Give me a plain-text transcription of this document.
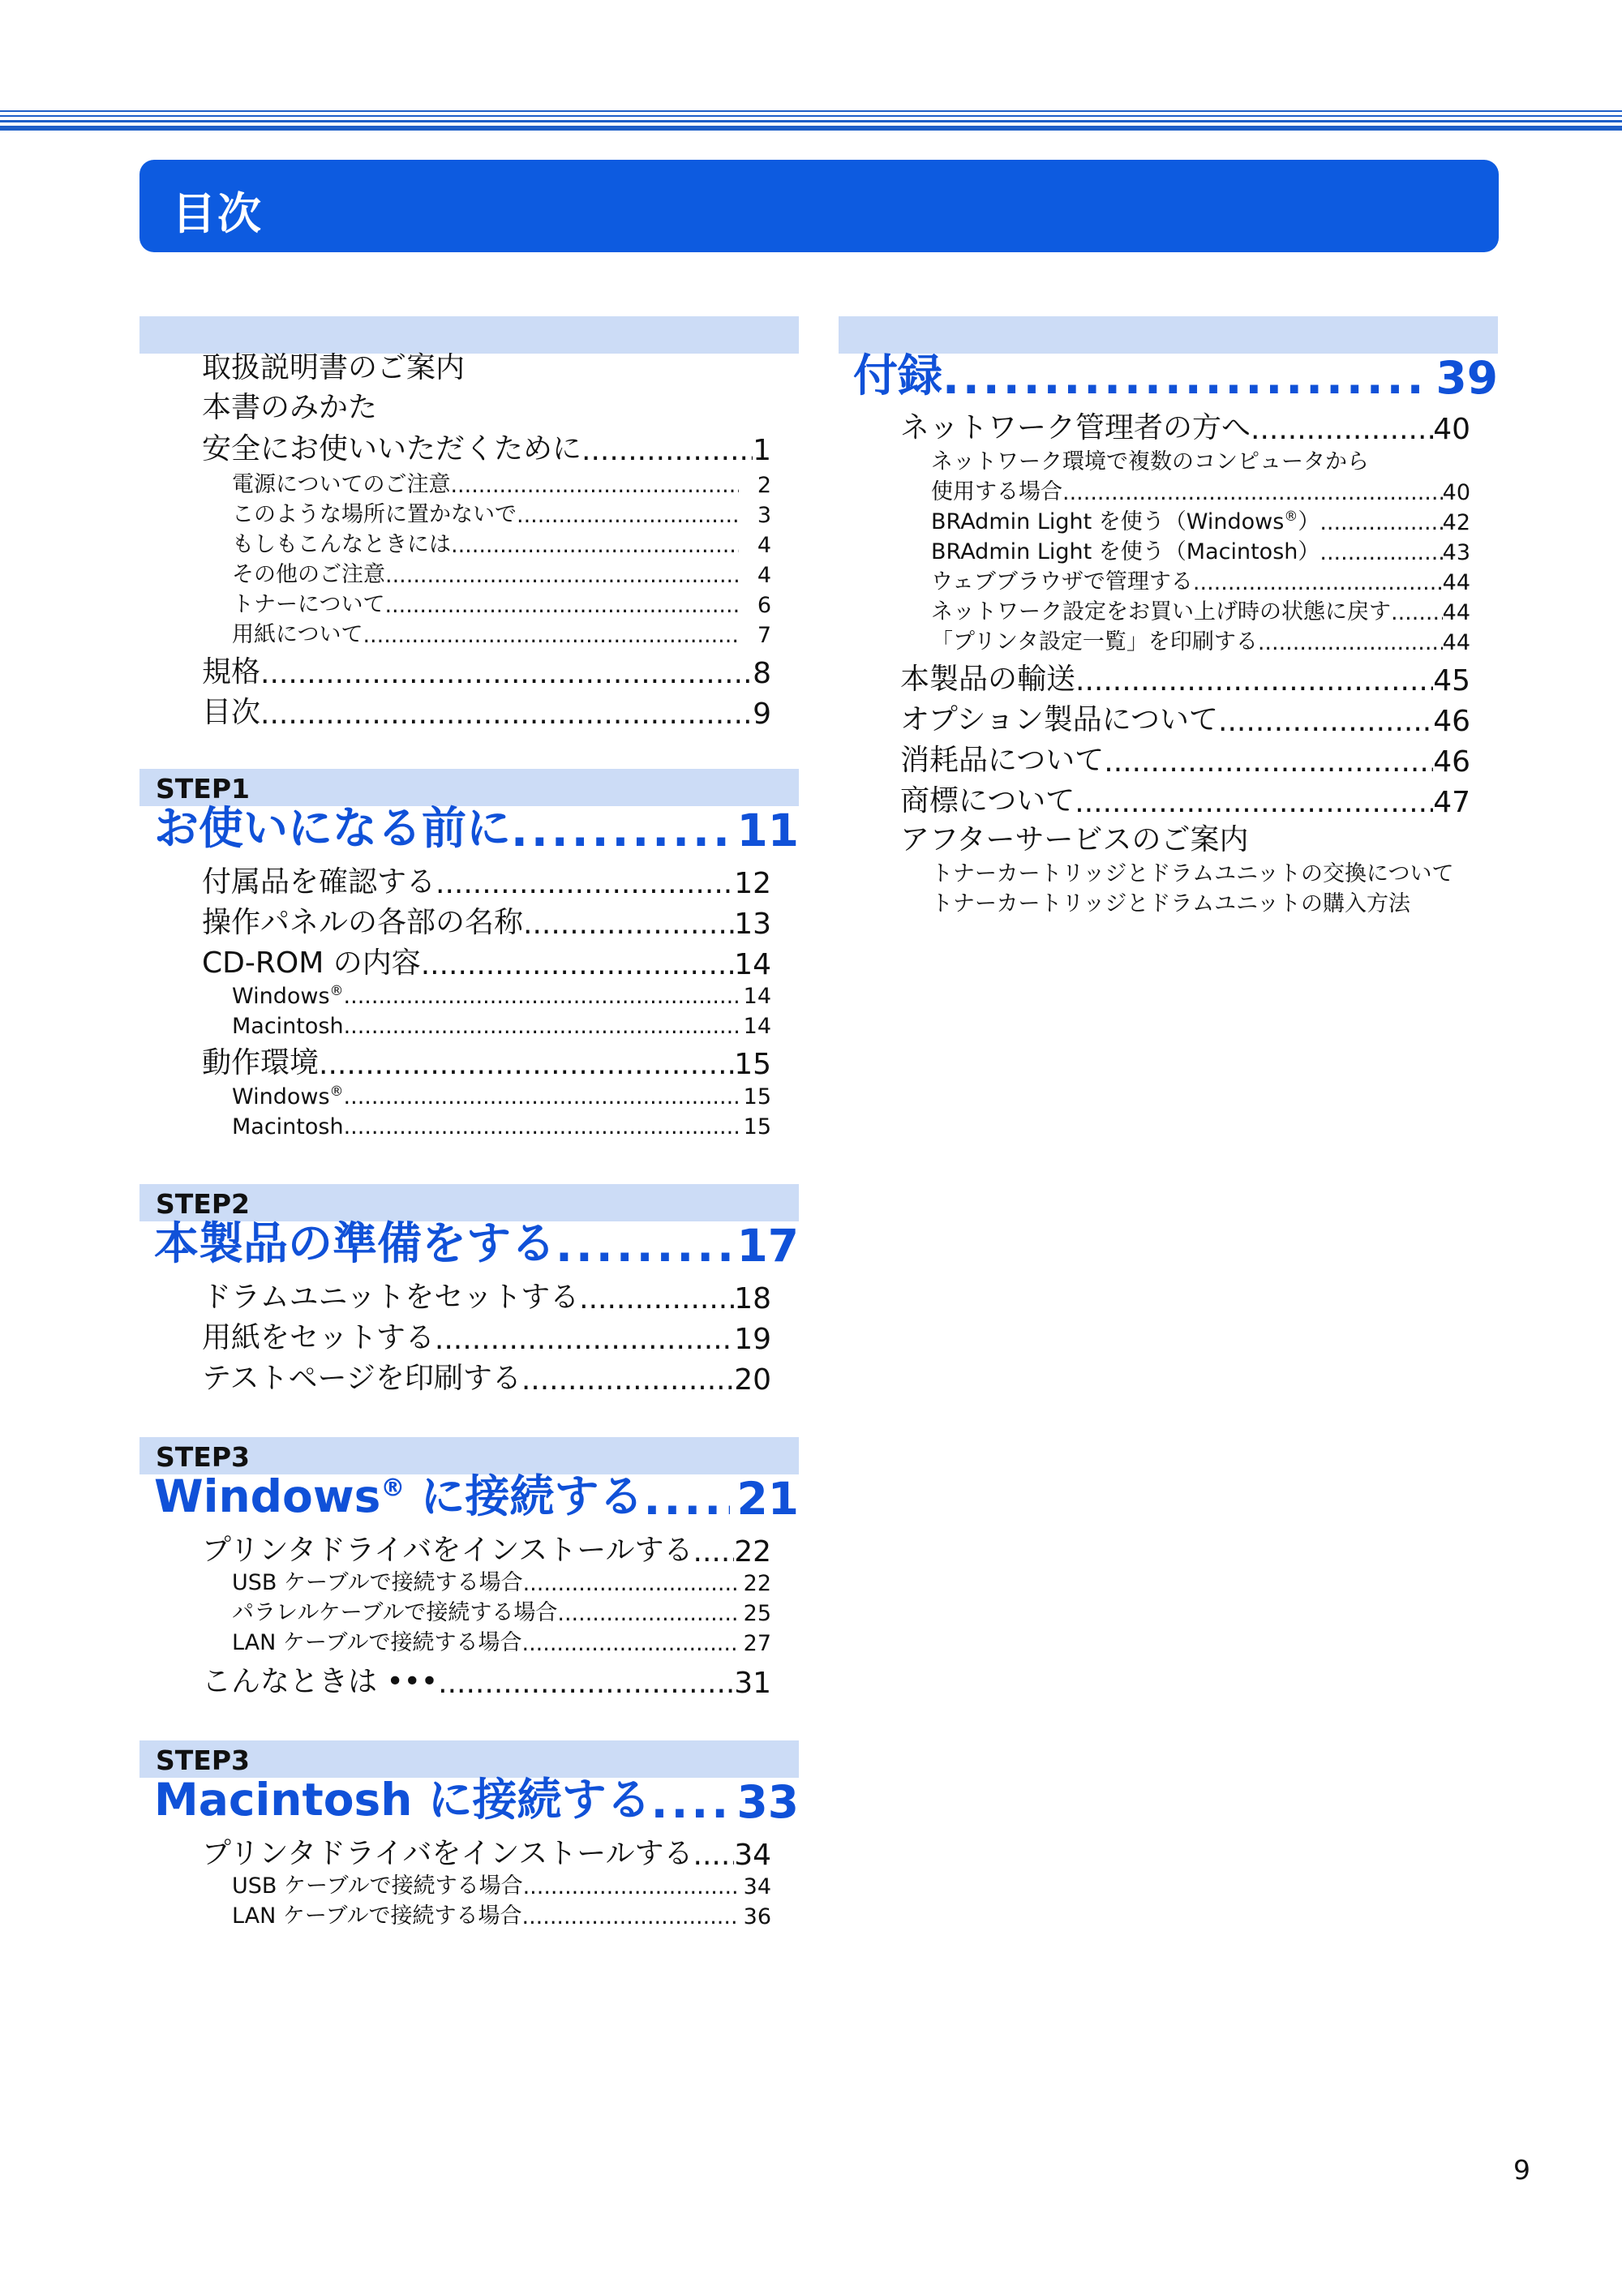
目次
取扱説明書のご案内
本書のみかた
安全にお使いいただくために .....	1
電源についてのご注意 .....	2
このような場所に置かないで .....	3
もしもこんなときには .....	4
その他のご注意 .....	4
トナーについて .....	6
用紙について .....	7
規格 .....	8
目次 .....	9
STEP1
お使いになる前に .....	11
付属品を確認する .....	12
操作パネルの各部の名称 .....	13
CD-ROM の内容 .....	14
Windows® .....	14
Macintosh .....	14
動作環境 .....	15
Windows® .....	15
Macintosh .....	15
STEP2
本製品の準備をする .....	17
ドラムユニットをセットする .....	18
用紙をセットする .....	19
テストページを印刷する .....	20
STEP3
Windows® に接続する ..... 21
プリンタドライバをインストールする ..... 22
USB ケーブルで接続する場合 .....	22
パラレルケーブルで接続する場合 .....	25
LAN ケーブルで接続する場合 .....	27
こんなときは ••• .....	31
STEP3
Macintosh に接続する ..... 33
プリンタドライバをインストールする ..... 34
USB ケーブルで接続する場合 .....	34
LAN ケーブルで接続する場合 .....	36
付録 .....	39
ネットワーク管理者の方へ .....	40
ネットワーク環境で複数のコンピュータから
使用する場合 .....	40
BRAdmin Light を使う（Windows®） .....	42
BRAdmin Light を使う（Macintosh） .....	43
ウェブブラウザで管理する .....	44
ネットワーク設定をお買い上げ時の状態に戻す ..... 44
「プリンタ設定一覧」を印刷する .....	44
本製品の輸送 .....	45
オプション製品について .....	46
消耗品について .....	46
商標について .....	47
アフターサービスのご案内
トナーカートリッジとドラムユニットの交換について
トナーカートリッジとドラムユニットの購入方法
9
